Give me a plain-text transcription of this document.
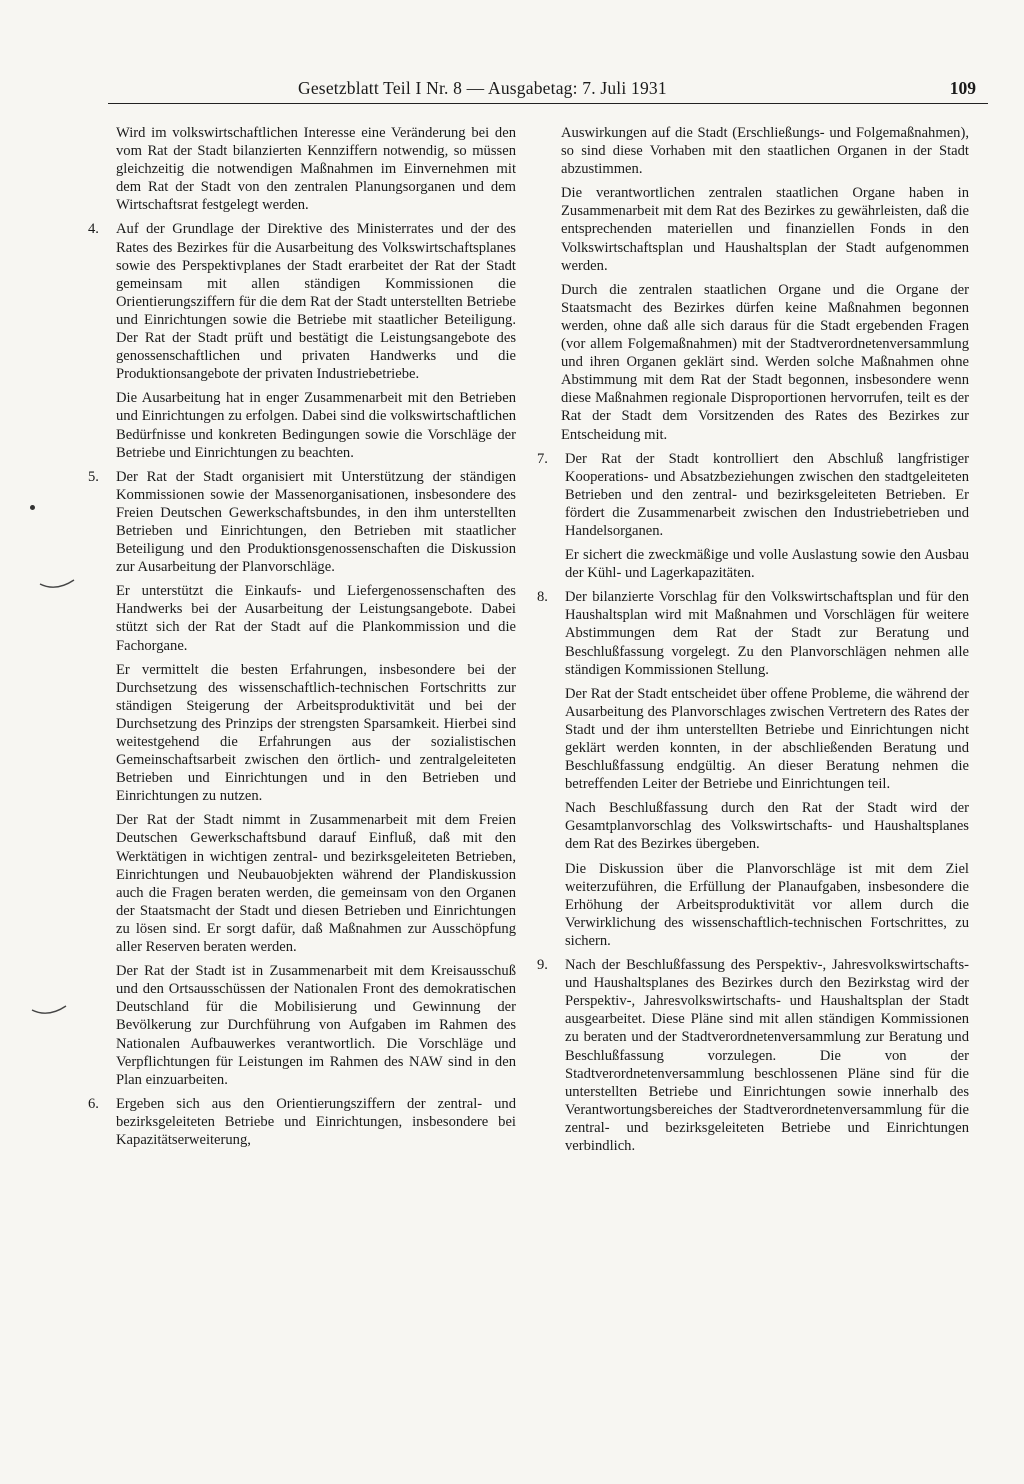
Gesetzblatt Teil I Nr. 8 — Ausgabetag: 7. Juli 1931	109

Wird im volkswirtschaftlichen Interesse eine Veränderung bei den vom Rat der Stadt bilanzierten Kennziffern notwendig, so müssen gleichzeitig die notwendigen Maßnahmen im Einvernehmen mit dem Rat der Stadt von den zentralen Planungsorganen und dem Wirtschaftsrat festgelegt werden.

4. Auf der Grundlage der Direktive des Ministerrates und der des Rates des Bezirkes für die Ausarbeitung des Volkswirtschaftsplanes sowie des Perspektivplanes der Stadt erarbeitet der Rat der Stadt gemeinsam mit allen ständigen Kommissionen die Orientierungsziffern für die dem Rat der Stadt unterstellten Betriebe und Einrichtungen sowie die Betriebe mit staatlicher Beteiligung. Der Rat der Stadt prüft und bestätigt die Leistungsangebote des genossenschaftlichen und privaten Handwerks und die Produktionsangebote der privaten Industriebetriebe.

Die Ausarbeitung hat in enger Zusammenarbeit mit den Betrieben und Einrichtungen zu erfolgen. Dabei sind die volkswirtschaftlichen Bedürfnisse und konkreten Bedingungen sowie die Vorschläge der Betriebe und Einrichtungen zu beachten.

5. Der Rat der Stadt organisiert mit Unterstützung der ständigen Kommissionen sowie der Massenorganisationen, insbesondere des Freien Deutschen Gewerkschaftsbundes, in den ihm unterstellten Betrieben und Einrichtungen, den Betrieben mit staatlicher Beteiligung und den Produktionsgenossenschaften die Diskussion zur Ausarbeitung der Planvorschläge.

Er unterstützt die Einkaufs- und Liefergenossenschaften des Handwerks bei der Ausarbeitung der Leistungsangebote. Dabei stützt sich der Rat der Stadt auf die Plankommission und die Fachorgane.

Er vermittelt die besten Erfahrungen, insbesondere bei der Durchsetzung des wissenschaftlich-technischen Fortschritts zur ständigen Steigerung der Arbeitsproduktivität und bei der Durchsetzung des Prinzips der strengsten Sparsamkeit. Hierbei sind weitestgehend die Erfahrungen aus der sozialistischen Gemeinschaftsarbeit zwischen den örtlich- und zentralgeleiteten Betrieben und Einrichtungen und in den Betrieben und Einrichtungen zu nutzen.

Der Rat der Stadt nimmt in Zusammenarbeit mit dem Freien Deutschen Gewerkschaftsbund darauf Einfluß, daß mit den Werktätigen in wichtigen zentral- und bezirksgeleiteten Betrieben, Einrichtungen und Neubauobjekten während der Plandiskussion auch die Fragen beraten werden, die gemeinsam von den Organen der Staatsmacht der Stadt und diesen Betrieben und Einrichtungen zu lösen sind. Er sorgt dafür, daß Maßnahmen zur Ausschöpfung aller Reserven beraten werden.

Der Rat der Stadt ist in Zusammenarbeit mit dem Kreisausschuß und den Ortsausschüssen der Nationalen Front des demokratischen Deutschland für die Mobilisierung und Gewinnung der Bevölkerung zur Durchführung von Aufgaben im Rahmen des Nationalen Aufbauwerkes verantwortlich. Die Vorschläge und Verpflichtungen für Leistungen im Rahmen des NAW sind in den Plan einzuarbeiten.

6. Ergeben sich aus den Orientierungsziffern der zentral- und bezirksgeleiteten Betriebe und Einrichtungen, insbesondere bei Kapazitätserweiterung,

Auswirkungen auf die Stadt (Erschließungs- und Folgemaßnahmen), so sind diese Vorhaben mit den staatlichen Organen in der Stadt abzustimmen.

Die verantwortlichen zentralen staatlichen Organe haben in Zusammenarbeit mit dem Rat des Bezirkes zu gewährleisten, daß die entsprechenden materiellen und finanziellen Fonds in den Volkswirtschaftsplan und Haushaltsplan der Stadt aufgenommen werden.

Durch die zentralen staatlichen Organe und die Organe der Staatsmacht des Bezirkes dürfen keine Maßnahmen begonnen werden, ohne daß alle sich daraus für die Stadt ergebenden Fragen (vor allem Folgemaßnahmen) mit der Stadtverordnetenversammlung und ihren Organen geklärt sind. Werden solche Maßnahmen ohne Abstimmung mit dem Rat der Stadt begonnen, insbesondere wenn diese Maßnahmen regionale Disproportionen hervorrufen, teilt es der Rat der Stadt dem Vorsitzenden des Rates des Bezirkes zur Entscheidung mit.

7. Der Rat der Stadt kontrolliert den Abschluß langfristiger Kooperations- und Absatzbeziehungen zwischen den stadtgeleiteten Betrieben und den zentral- und bezirksgeleiteten Betrieben. Er fördert die Zusammenarbeit zwischen den Industriebetrieben und Handelsorganen.

Er sichert die zweckmäßige und volle Auslastung sowie den Ausbau der Kühl- und Lagerkapazitäten.

8. Der bilanzierte Vorschlag für den Volkswirtschaftsplan und für den Haushaltsplan wird mit Maßnahmen und Vorschlägen für weitere Abstimmungen dem Rat der Stadt zur Beratung und Beschlußfassung vorgelegt. Zu den Planvorschlägen nehmen alle ständigen Kommissionen Stellung.

Der Rat der Stadt entscheidet über offene Probleme, die während der Ausarbeitung des Planvorschlages zwischen Vertretern des Rates der Stadt und der ihm unterstellten Betriebe und Einrichtungen nicht geklärt werden konnten, in der abschließenden Beratung und Beschlußfassung endgültig. An dieser Beratung nehmen die betreffenden Leiter der Betriebe und Einrichtungen teil.

Nach Beschlußfassung durch den Rat der Stadt wird der Gesamtplanvorschlag des Volkswirtschafts- und Haushaltsplanes dem Rat des Bezirkes übergeben.

Die Diskussion über die Planvorschläge ist mit dem Ziel weiterzuführen, die Erfüllung der Planaufgaben, insbesondere die Erhöhung der Arbeitsproduktivität vor allem durch die Verwirklichung des wissenschaftlich-technischen Fortschrittes, zu sichern.

9. Nach der Beschlußfassung des Perspektiv-, Jahresvolkswirtschafts- und Haushaltsplanes des Bezirkes durch den Bezirkstag wird der Perspektiv-, Jahresvolkswirtschafts- und Haushaltsplan der Stadt ausgearbeitet. Diese Pläne sind mit allen ständigen Kommissionen zu beraten und der Stadtverordnetenversammlung zur Beratung und Beschlußfassung vorzulegen. Die von der Stadtverordnetenversammlung beschlossenen Pläne sind für die unterstellten Betriebe und Einrichtungen sowie innerhalb des Verantwortungsbereiches der Stadtverordnetenversammlung für die zentral- und bezirksgeleiteten Betriebe und Einrichtungen verbindlich.
